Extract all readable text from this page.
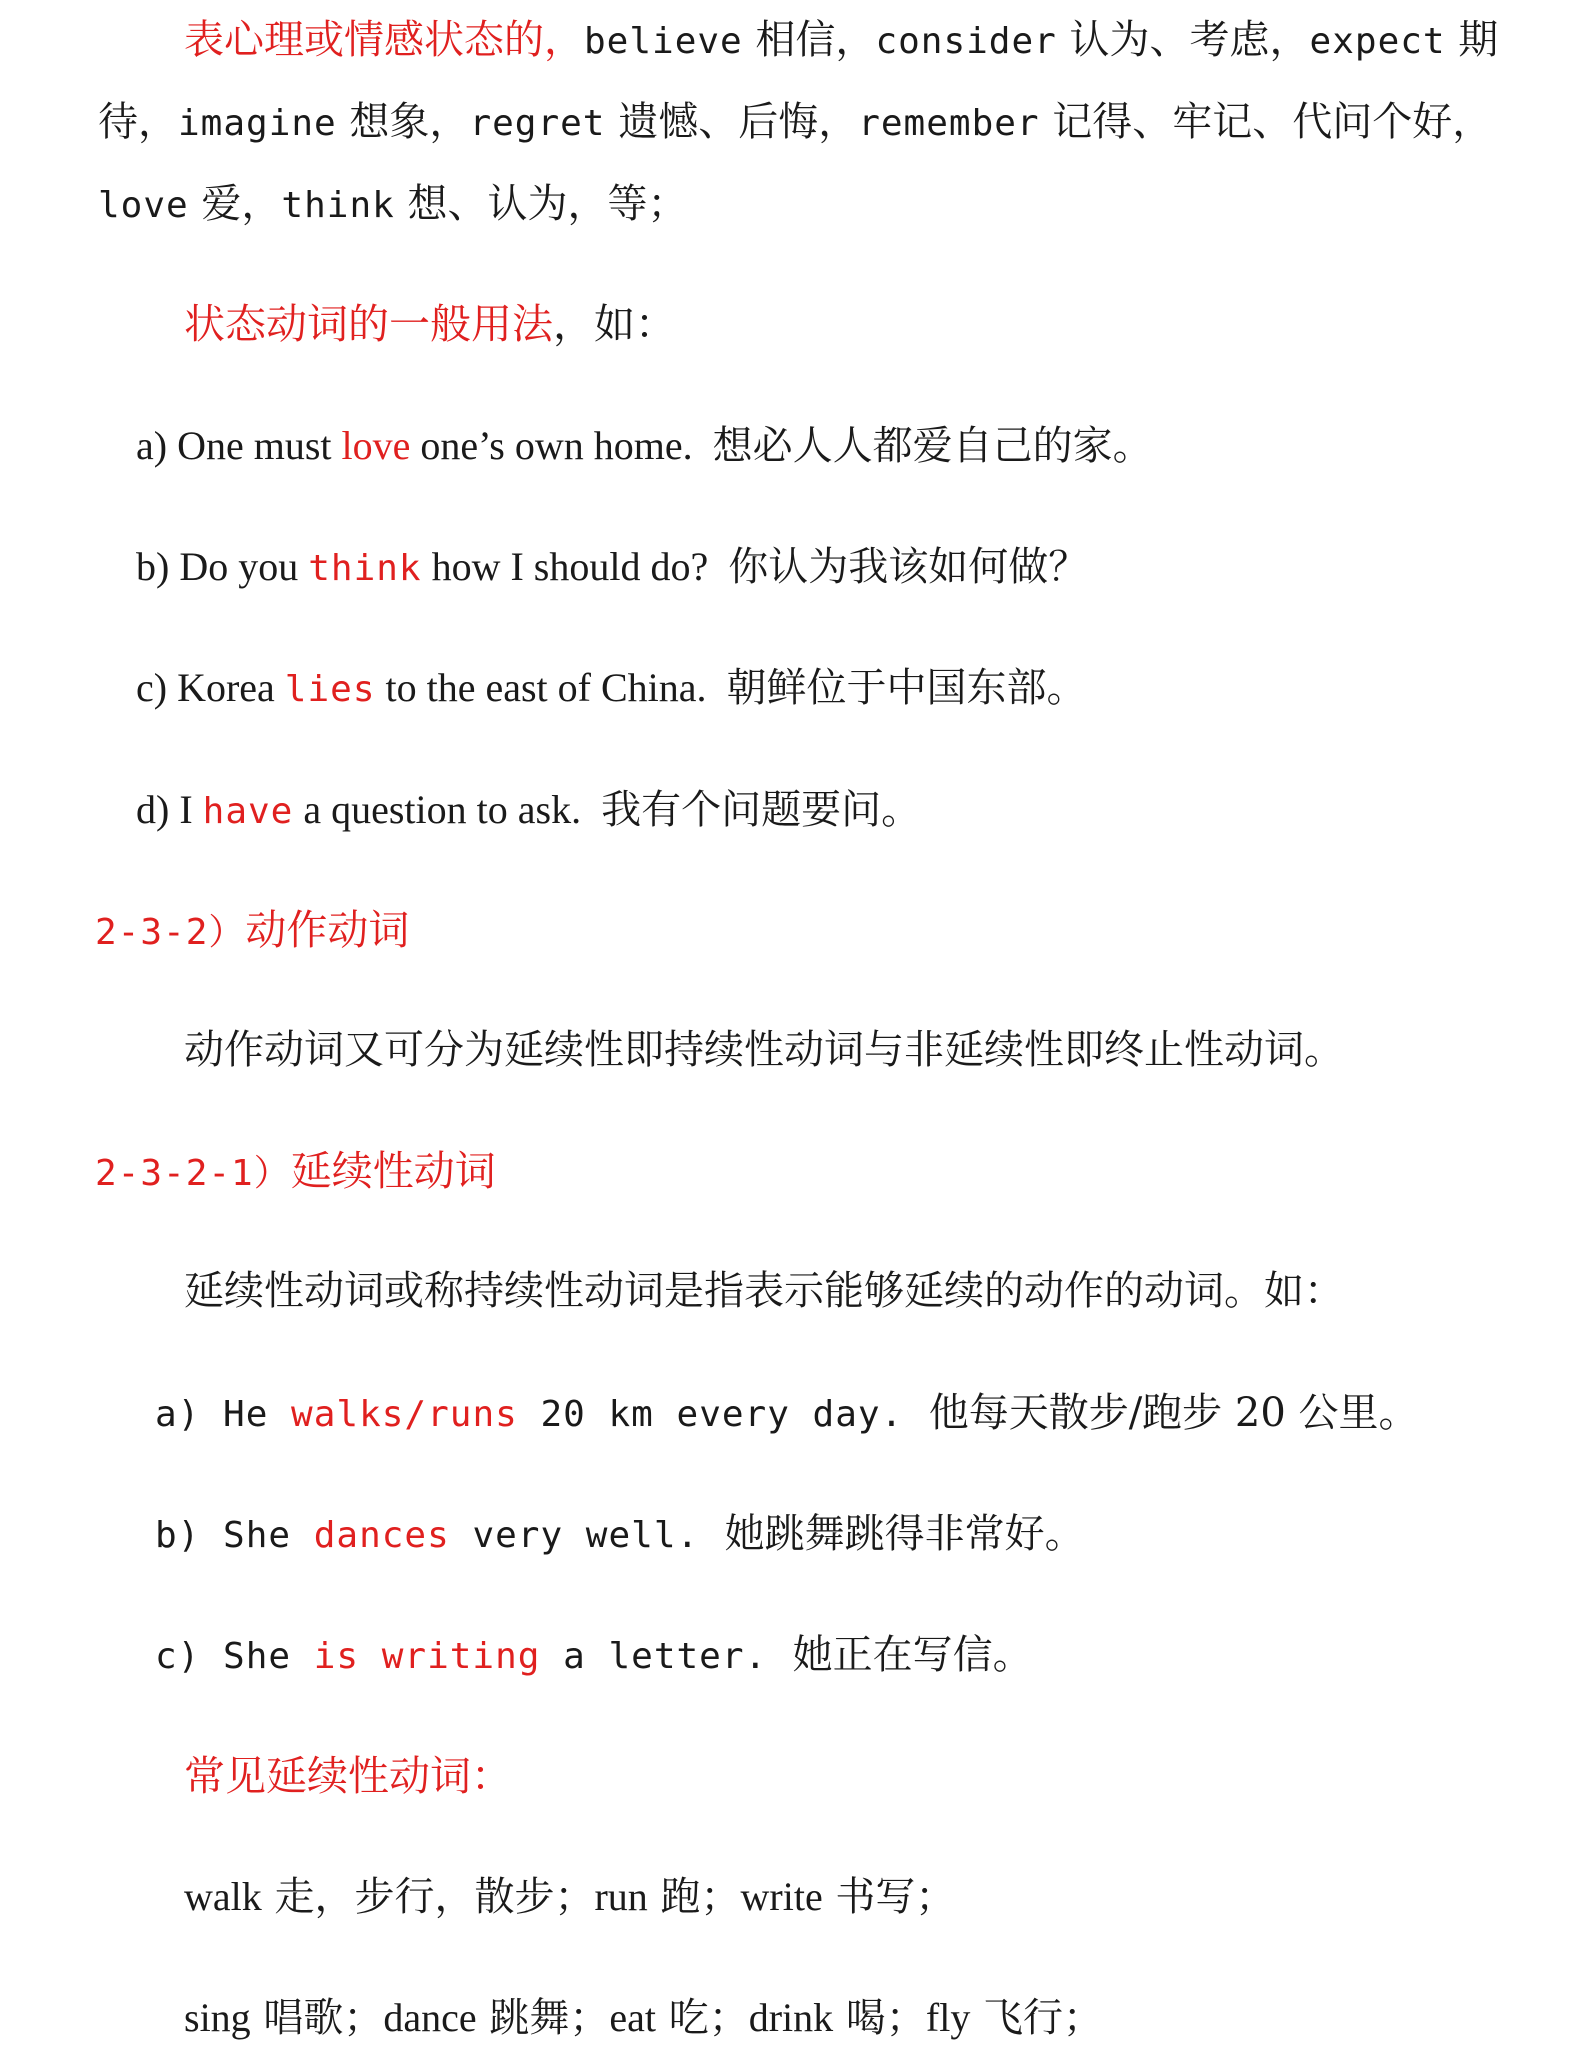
表心理或情感状态的，believe 相信，consider 认为、考虑，expect 期
待，imagine 想象，regret 遗憾、后悔，remember 记得、牢记、代问个好，
love 爱，think 想、认为，等；
状态动词的一般用法，如：
a) One must love one’s own home. 想必人人都爱自己的家。
b) Do you think how I should do? 你认为我该如何做？
c) Korea lies to the east of China. 朝鲜位于中国东部。
d) I have a question to ask. 我有个问题要问。
2-3-2）动作动词
动作动词又可分为延续性即持续性动词与非延续性即终止性动词。
2-3-2-1）延续性动词
延续性动词或称持续性动词是指表示能够延续的动作的动词。如：
a) He walks/runs 20 km every day. 他每天散步/跑步 20 公里。
b) She dances very well. 她跳舞跳得非常好。
c) She is writing a letter. 她正在写信。
常见延续性动词：
walk 走，步行，散步；run 跑；write 书写；
sing 唱歌；dance 跳舞；eat 吃；drink 喝；fly 飞行；
